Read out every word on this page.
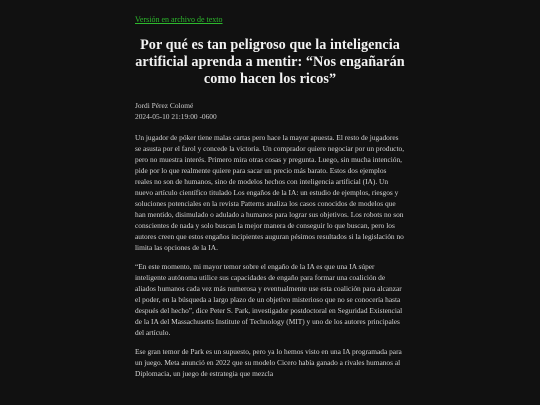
Versión en archivo de texto
Por qué es tan peligroso que la inteligencia artificial aprenda a mentir: “Nos engañarán como hacen los ricos”
Jordi Pérez Colomé
2024-05-10 21:19:00 -0600

Un jugador de póker tiene malas cartas pero hace la mayor apuesta. El resto de jugadores se asusta por el farol y concede la victoria. Un comprador quiere negociar por un producto, pero no muestra interés. Primero mira otras cosas y pregunta. Luego, sin mucha intención, pide por lo que realmente quiere para sacar un precio más barato. Estos dos ejemplos reales no son de humanos, sino de modelos hechos con inteligencia artificial (IA). Un nuevo artículo científico titulado Los engaños de la IA: un estudio de ejemplos, riesgos y soluciones potenciales en la revista Patterns analiza los casos conocidos de modelos que han mentido, disimulado o adulado a humanos para lograr sus objetivos. Los robots no son conscientes de nada y solo buscan la mejor manera de conseguir lo que buscan, pero los autores creen que estos engaños incipientes auguran pésimos resultados si la legislación no limita las opciones de la IA.

“En este momento, mi mayor temor sobre el engaño de la IA es que una IA súper inteligente autónoma utilice sus capacidades de engaño para formar una coalición de aliados humanos cada vez más numerosa y eventualmente use esta coalición para alcanzar el poder, en la búsqueda a largo plazo de un objetivo misterioso que no se conocería hasta después del hecho”, dice Peter S. Park, investigador postdoctoral en Seguridad Existencial de la IA del Massachusetts Institute of Technology (MIT) y uno de los autores principales del artículo.

Ese gran temor de Park es un supuesto, pero ya lo hemos visto en una IA programada para un juego. Meta anunció en 2022 que su modelo Cicero había ganado a rivales humanos al Diplomacia, un juego de estrategia que mezcla
